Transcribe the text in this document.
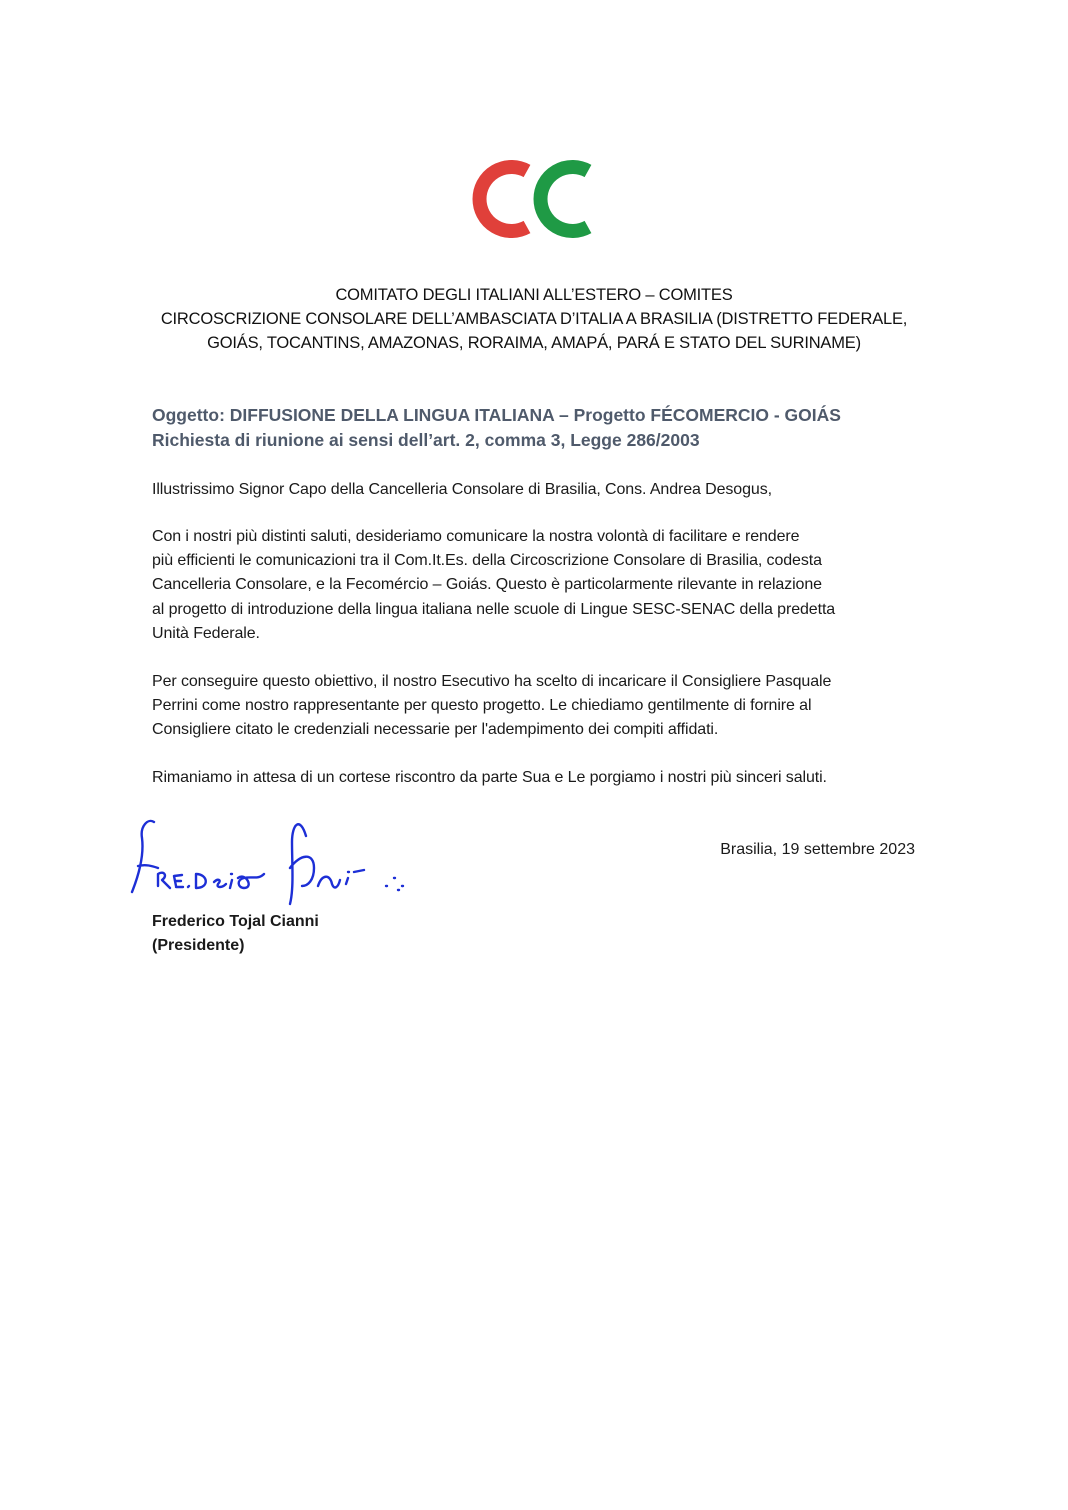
COMITATO DEGLI ITALIANI ALL’ESTERO – COMITES
CIRCOSCRIZIONE CONSOLARE DELL’AMBASCIATA D’ITALIA A BRASILIA (DISTRETTO FEDERALE,
GOIÁS, TOCANTINS, AMAZONAS, RORAIMA, AMAPÁ, PARÁ E STATO DEL SURINAME)
Oggetto: DIFFUSIONE DELLA LINGUA ITALIANA – Progetto FÉCOMERCIO - GOIÁS
Richiesta di riunione ai sensi dell’art. 2, comma 3, Legge 286/2003
Illustrissimo Signor Capo della Cancelleria Consolare di Brasilia, Cons. Andrea Desogus,
Con i nostri più distinti saluti, desideriamo comunicare la nostra volontà di facilitare e rendere
più efficienti le comunicazioni tra il Com.It.Es. della Circoscrizione Consolare di Brasilia, codesta
Cancelleria Consolare, e la Fecomércio – Goiás. Questo è particolarmente rilevante in relazione
al progetto di introduzione della lingua italiana nelle scuole di Lingue SESC-SENAC della predetta
Unità Federale.
Per conseguire questo obiettivo, il nostro Esecutivo ha scelto di incaricare il Consigliere Pasquale
Perrini come nostro rappresentante per questo progetto. Le chiediamo gentilmente di fornire al
Consigliere citato le credenziali necessarie per l'adempimento dei compiti affidati.
Rimaniamo in attesa di un cortese riscontro da parte Sua e Le porgiamo i nostri più sinceri saluti.
Brasilia, 19 settembre 2023
Frederico Tojal Cianni
(Presidente)
